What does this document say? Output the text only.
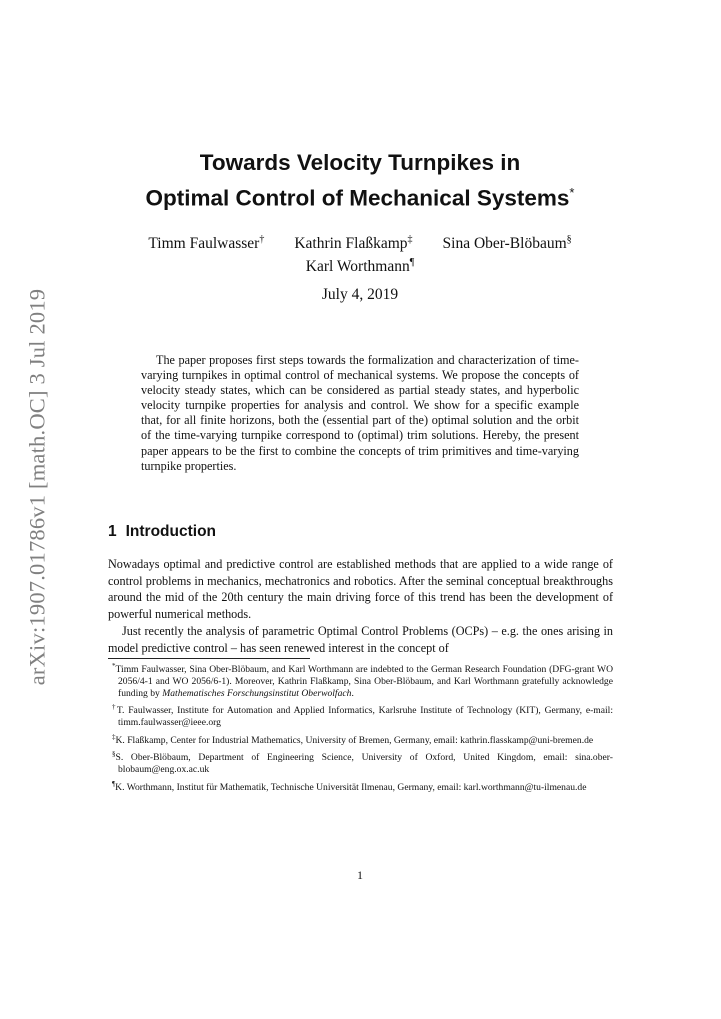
arXiv:1907.01786v1 [math.OC] 3 Jul 2019
Towards Velocity Turnpikes in
Optimal Control of Mechanical Systems*
Timm Faulwasser† Kathrin Flaßkamp‡ Sina Ober-Blöbaum§
Karl Worthmann¶
July 4, 2019

The paper proposes first steps towards the formalization and characterization of time-varying turnpikes in optimal control of mechanical systems. We propose the concepts of velocity steady states, which can be considered as partial steady states, and hyperbolic velocity turnpike properties for analysis and control. We show for a specific example that, for all finite horizons, both the (essential part of the) optimal solution and the orbit of the time-varying turnpike correspond to (optimal) trim solutions. Hereby, the present paper appears to be the first to combine the concepts of trim primitives and time-varying turnpike properties.

1 Introduction

Nowadays optimal and predictive control are established methods that are applied to a wide range of control problems in mechanics, mechatronics and robotics. After the seminal conceptual breakthroughs around the mid of the 20th century the main driving force of this trend has been the development of powerful numerical methods.

Just recently the analysis of parametric Optimal Control Problems (OCPs) – e.g. the ones arising in model predictive control – has seen renewed interest in the concept of

*Timm Faulwasser, Sina Ober-Blöbaum, and Karl Worthmann are indebted to the German Research Foundation (DFG-grant WO 2056/4-1 and WO 2056/6-1). Moreover, Kathrin Flaßkamp, Sina Ober-Blöbaum, and Karl Worthmann gratefully acknowledge funding by Mathematisches Forschungsinstitut Oberwolfach.
†T. Faulwasser, Institute for Automation and Applied Informatics, Karlsruhe Institute of Technology (KIT), Germany, e-mail: timm.faulwasser@ieee.org
‡K. Flaßkamp, Center for Industrial Mathematics, University of Bremen, Germany, email: kathrin.flasskamp@uni-bremen.de
§S. Ober-Blöbaum, Department of Engineering Science, University of Oxford, United Kingdom, email: sina.ober-blobaum@eng.ox.ac.uk
¶K. Worthmann, Institut für Mathematik, Technische Universität Ilmenau, Germany, email: karl.worthmann@tu-ilmenau.de
1
